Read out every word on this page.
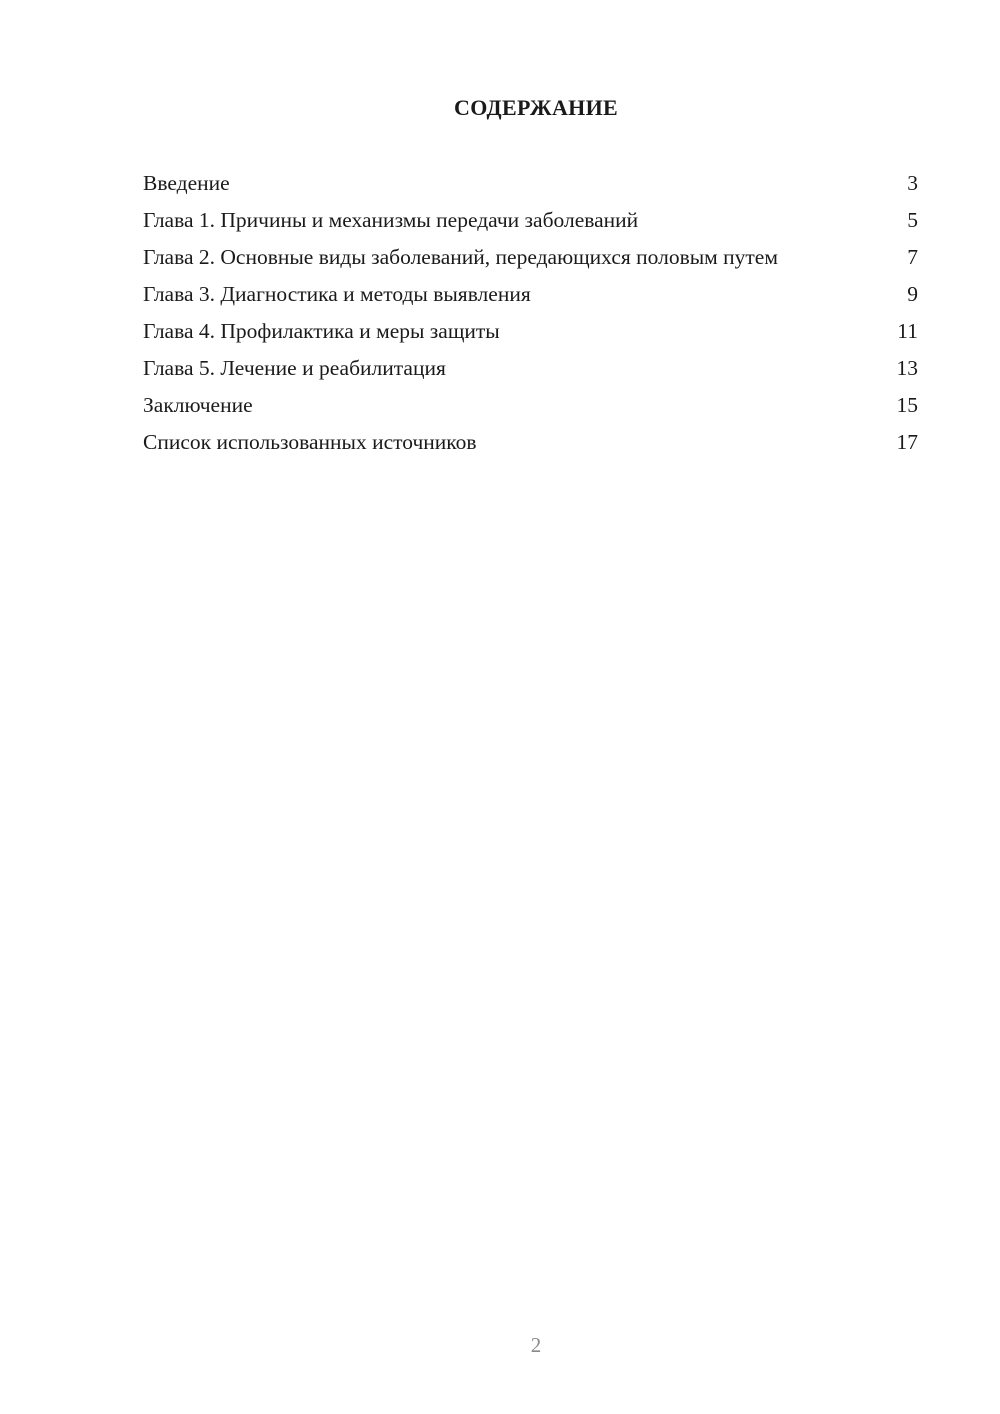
СОДЕРЖАНИЕ
Введение	3
Глава 1. Причины и механизмы передачи заболеваний	5
Глава 2. Основные виды заболеваний, передающихся половым путем	7
Глава 3. Диагностика и методы выявления	9
Глава 4. Профилактика и меры защиты	11
Глава 5. Лечение и реабилитация	13
Заключение	15
Список использованных источников	17
2
